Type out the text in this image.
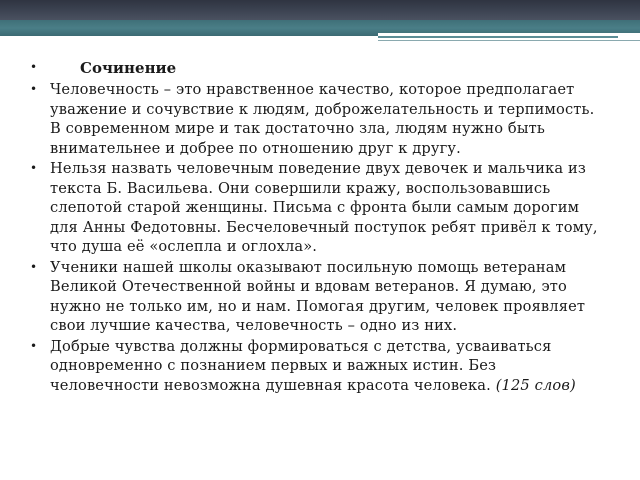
•	Сочинение
• Человечность – это нравственное качество, которое предполагает уважение и сочувствие к людям, доброжелательность и терпимость. В современном мире и так достаточно зла, людям нужно быть внимательнее и добрее по отношению друг к другу.
• Нельзя назвать человечным поведение двух девочек и мальчика из текста Б. Васильева. Они совершили кражу, воспользовавшись слепотой старой женщины. Письма с фронта были самым дорогим для Анны Федотовны. Бесчеловечный поступок ребят привёл к тому, что душа её «ослепла и оглохла».
• Ученики нашей школы оказывают посильную помощь ветеранам Великой Отечественной войны и вдовам ветеранов. Я думаю, это нужно не только им, но и нам. Помогая другим, человек проявляет свои лучшие качества, человечность – одно из них.
• Добрые чувства должны формироваться с детства, усваиваться одновременно с познанием первых и важных истин. Без человечности невозможна душевная красота человека. (125 слов)
